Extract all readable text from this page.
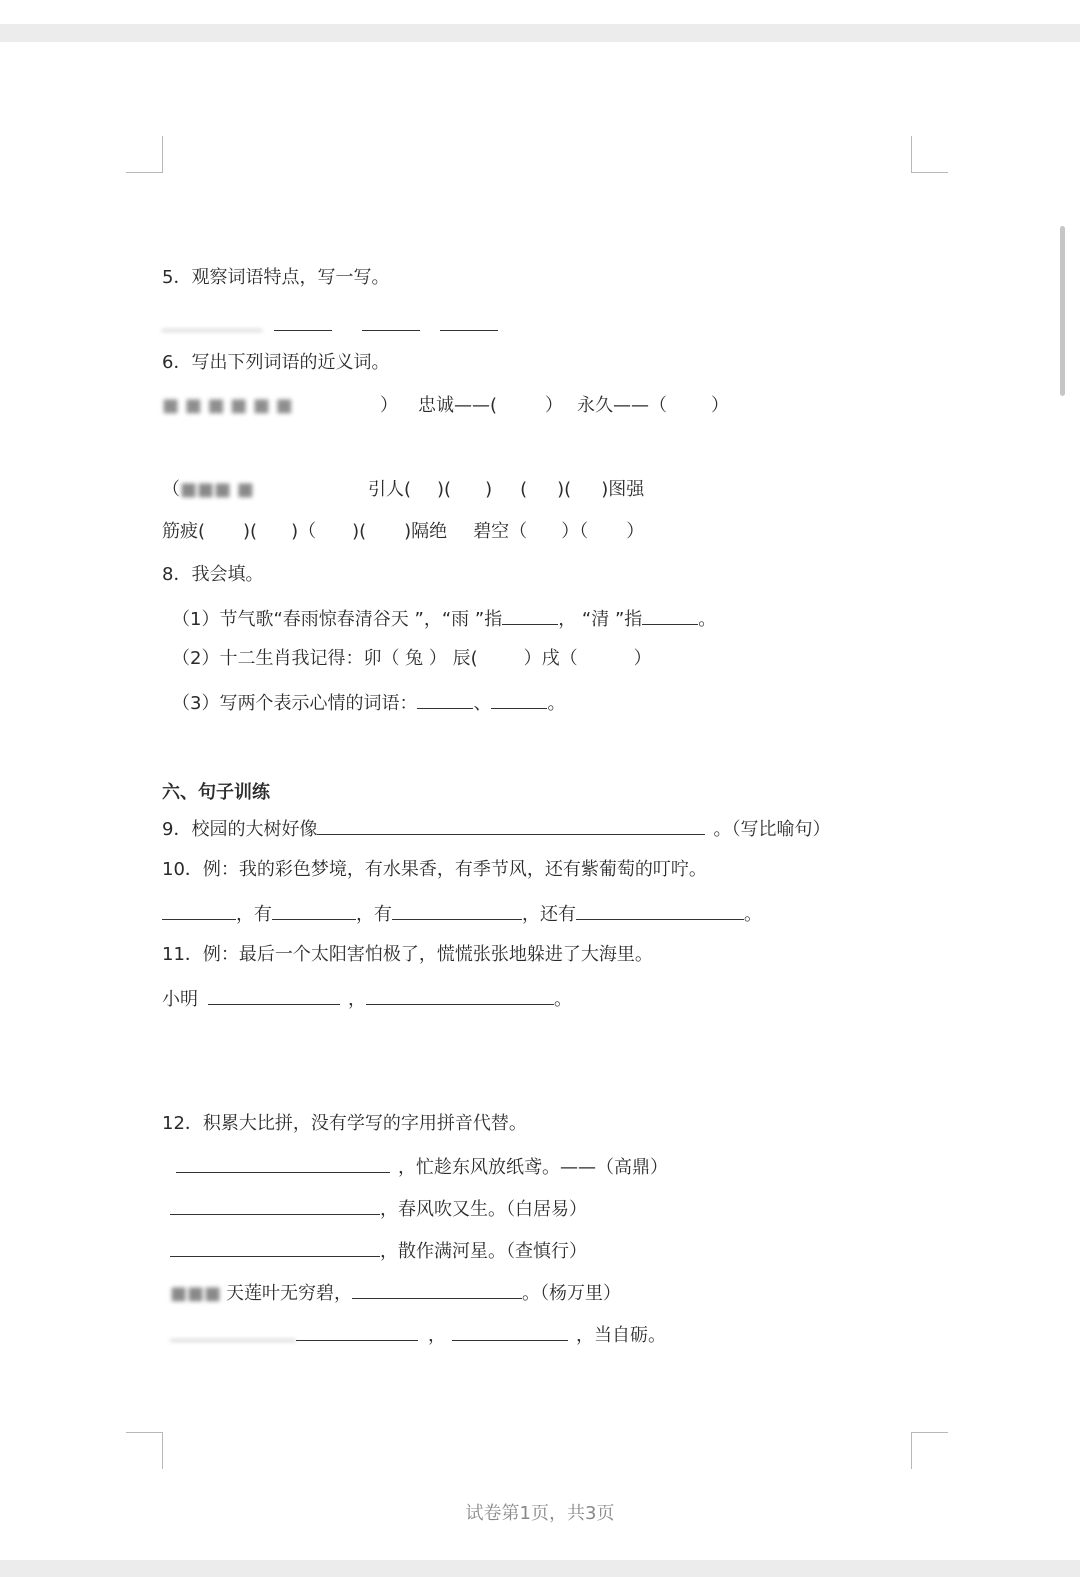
5．观察词语特点，写一写。
6．写出下列词语的近义词。
■ ■ ■ ■ ■ ■	） 忠诚——(	） 永久——（ ）
（■■■ ■	引人( )( ) ( )( )图强
筋疲( )( )（ )( )隔绝 碧空（ ）（ ）
8．我会填。
（1）节气歌“春雨惊春清谷天 ”，“雨 ”指	， “清 ”指	。
（2）十二生肖我记得：卯（ 兔 ） 辰(	）戌（	）
（3）写两个表示心情的词语：	、	。
六、句子训练
9．校园的大树好像	。（写比喻句）
10．例：我的彩色梦境，有水果香，有季节风，还有紫葡萄的叮咛。
，有	，有	，还有	。
11．例：最后一个太阳害怕极了，慌慌张张地躲进了大海里。
小明	，	。
12．积累大比拼，没有学写的字用拼音代替。
，忙趁东风放纸鸢。——（高鼎）
，春风吹又生。（白居易）
，散作满河星。（查慎行）
■■■ 天莲叶无穷碧，	。（杨万里）
，	，当自砺。
试卷第1页，共3页
